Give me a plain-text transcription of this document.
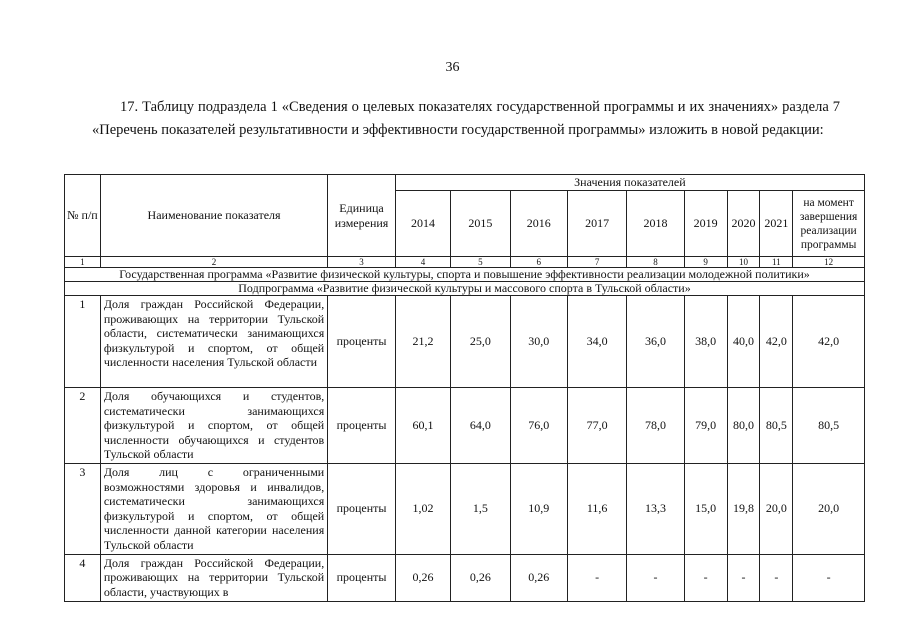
36
17. Таблицу подраздела 1 «Сведения о целевых показателях государственной программы и их значениях» раздела 7 «Перечень показателей результативности и эффективности государственной программы» изложить в новой редакции:
№ п/п	Наименование показателя	Единица измерения	Значения показателей								
			2014	2015	2016	2017	2018	2019	2020	2021	на момент завершения реализации программы
1	2	3	4	5	6	7	8	9	10	11	12
Государственная программа «Развитие физической культуры, спорта и повышение эффективности реализации молодежной политики»											
Подпрограмма «Развитие физической культуры и массового спорта в Тульской области»											
1	Доля граждан Российской Федерации, проживающих на территории Тульской области, систематически занимающихся физкультурой и спортом, от общей численности населения Тульской области	проценты	21,2	25,0	30,0	34,0	36,0	38,0	40,0	42,0	42,0
2	Доля обучающихся и студентов, систематически занимающихся физкультурой и спортом, от общей численности обучающихся и студентов Тульской области	проценты	60,1	64,0	76,0	77,0	78,0	79,0	80,0	80,5	80,5
3	Доля лиц с ограниченными возможностями здоровья и инвалидов, систематически занимающихся физкультурой и спортом, от общей численности данной категории населения Тульской области	проценты	1,02	1,5	10,9	11,6	13,3	15,0	19,8	20,0	20,0
4	Доля граждан Российской Федерации, проживающих на территории Тульской области, участвующих в	проценты	0,26	0,26	0,26	-	-	-	-	-	-
